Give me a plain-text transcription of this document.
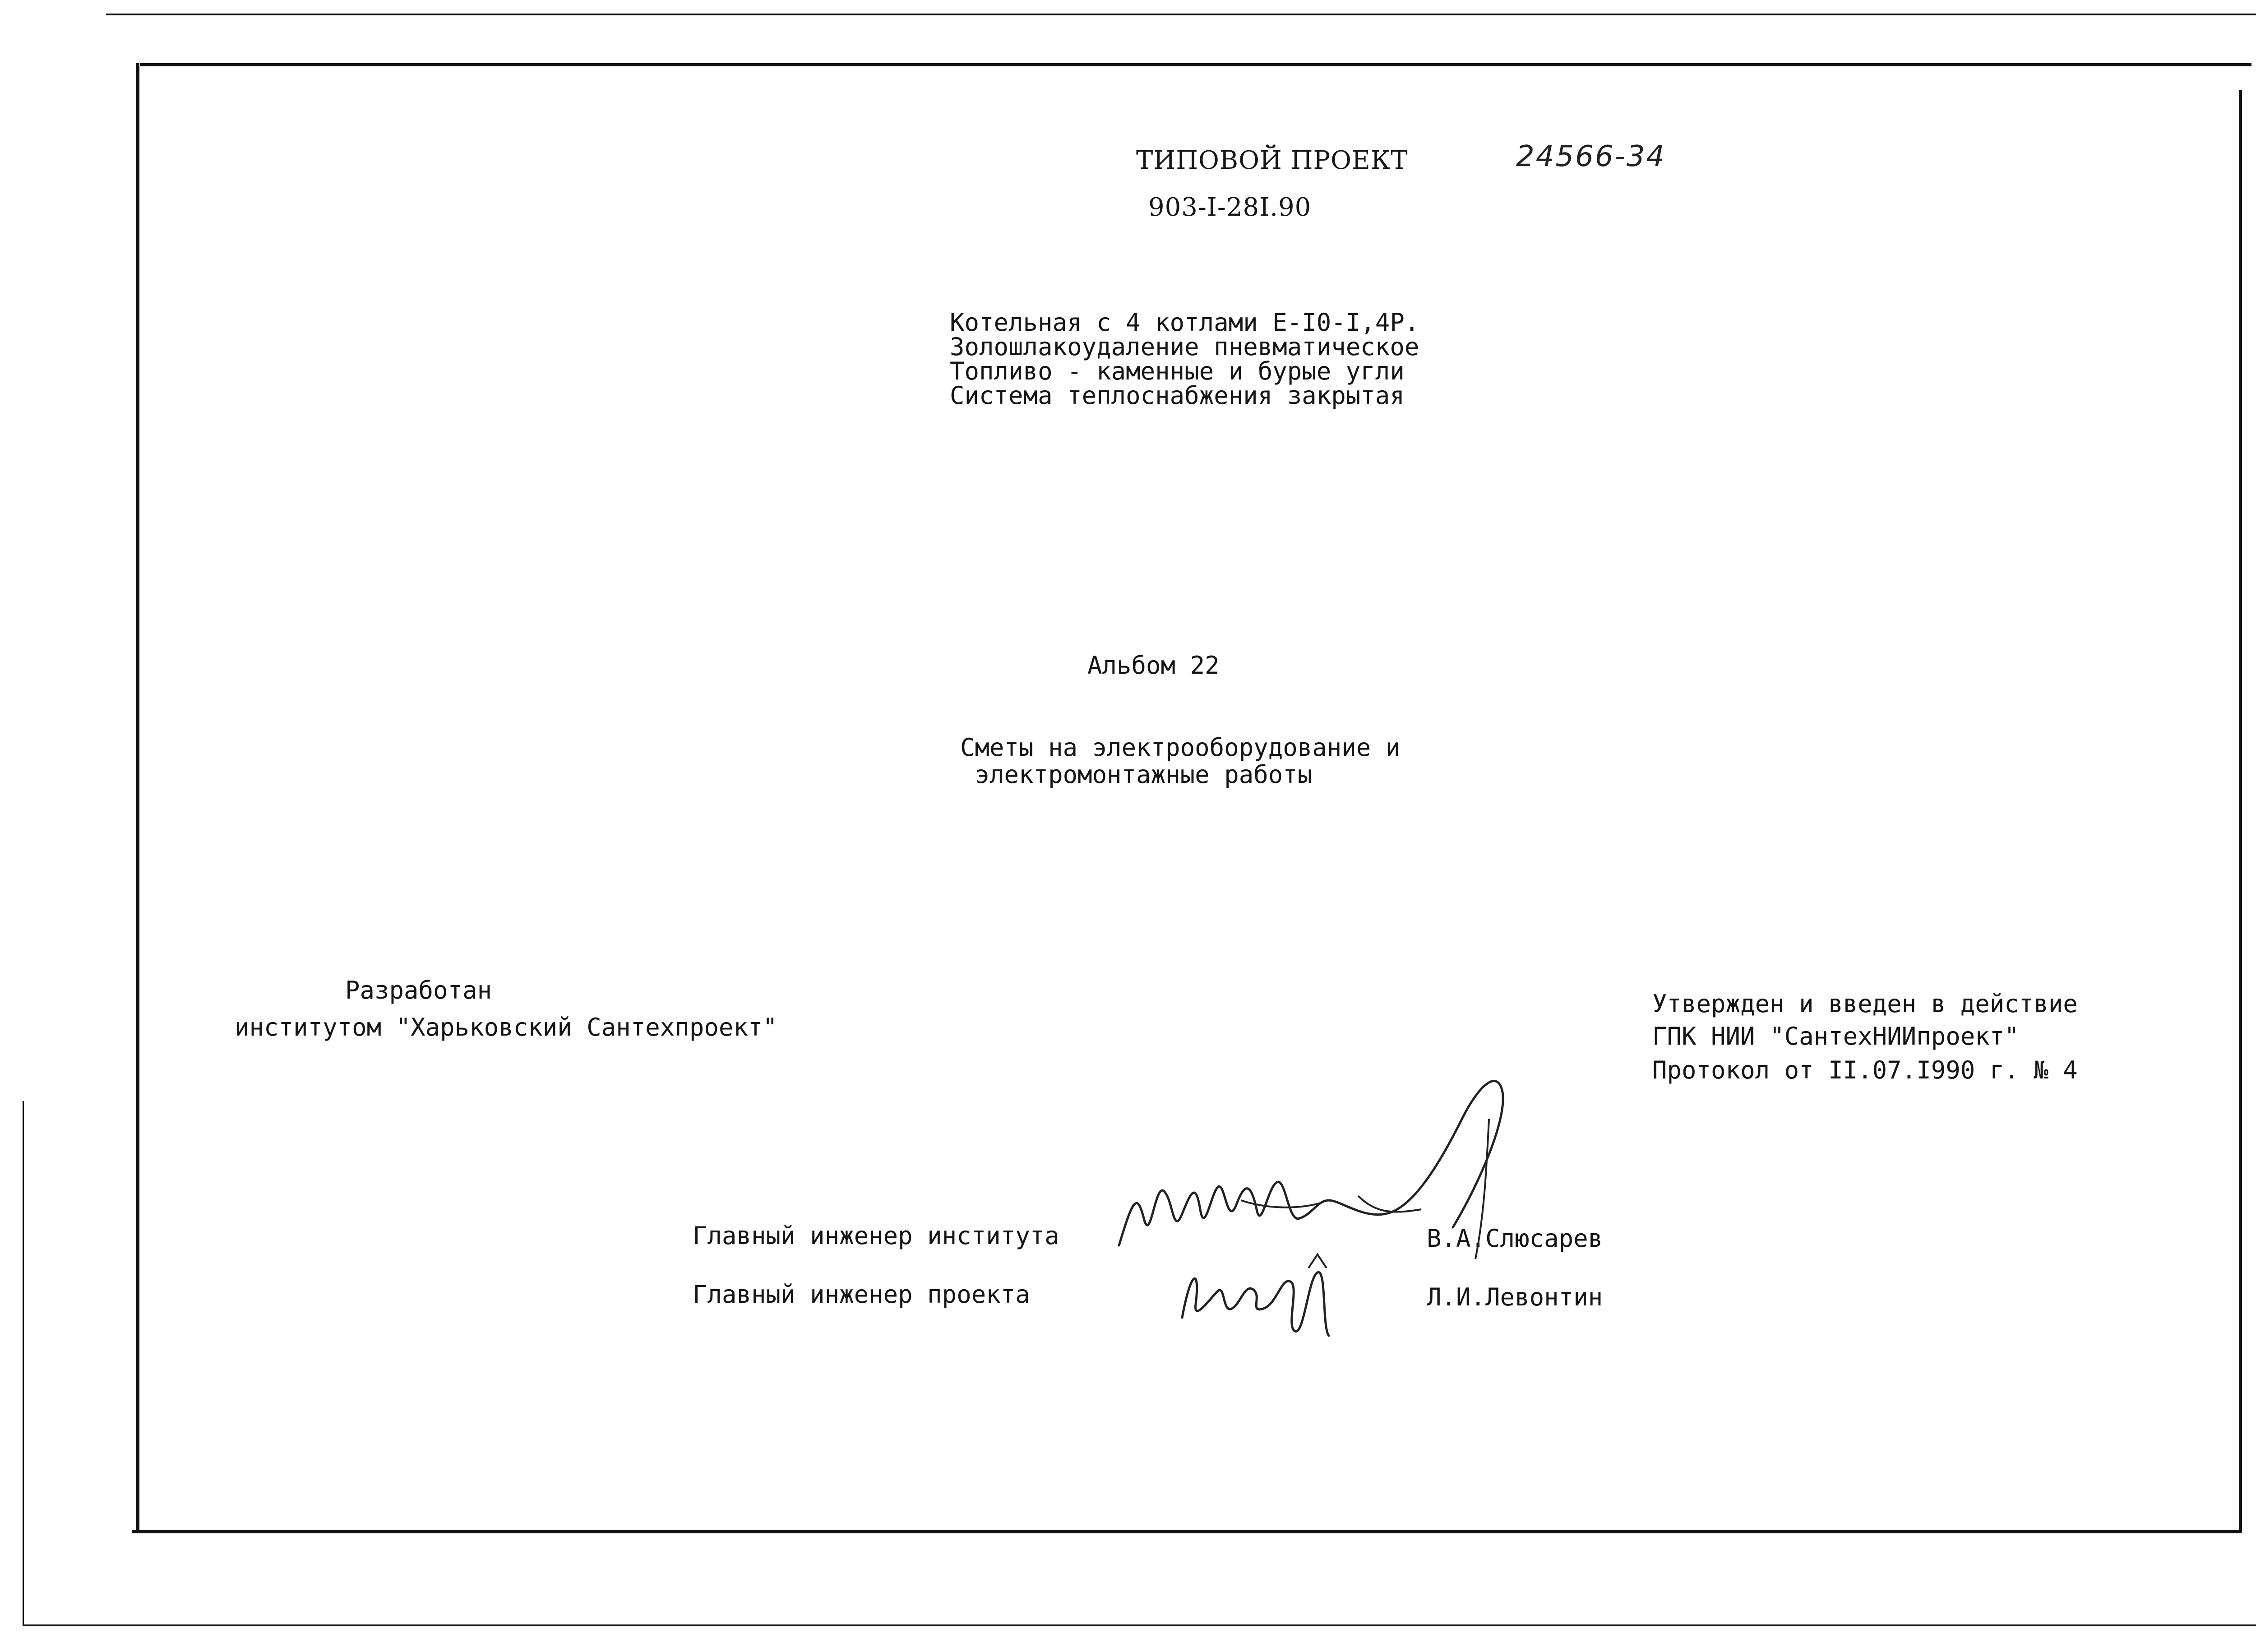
ТИПОВОЙ ПРОЕКТ
903-I-28I.90
24566-34
Котельная с 4 котлами Е-I0-I,4Р.
Золошлакоудаление пневматическое
Топливо - каменные и бурые угли
Система теплоснабжения закрытая
Альбом 22
Сметы на электрооборудование и
электромонтажные работы
Разработан
институтом "Харьковский Сантехпроект"
Утвержден и введен в действие
ГПК НИИ "СантехНИИпроект"
Протокол от II.07.I990 г. № 4
Главный инженер института	В.А.Слюсарев
Главный инженер проекта	Л.И.Левонтин
